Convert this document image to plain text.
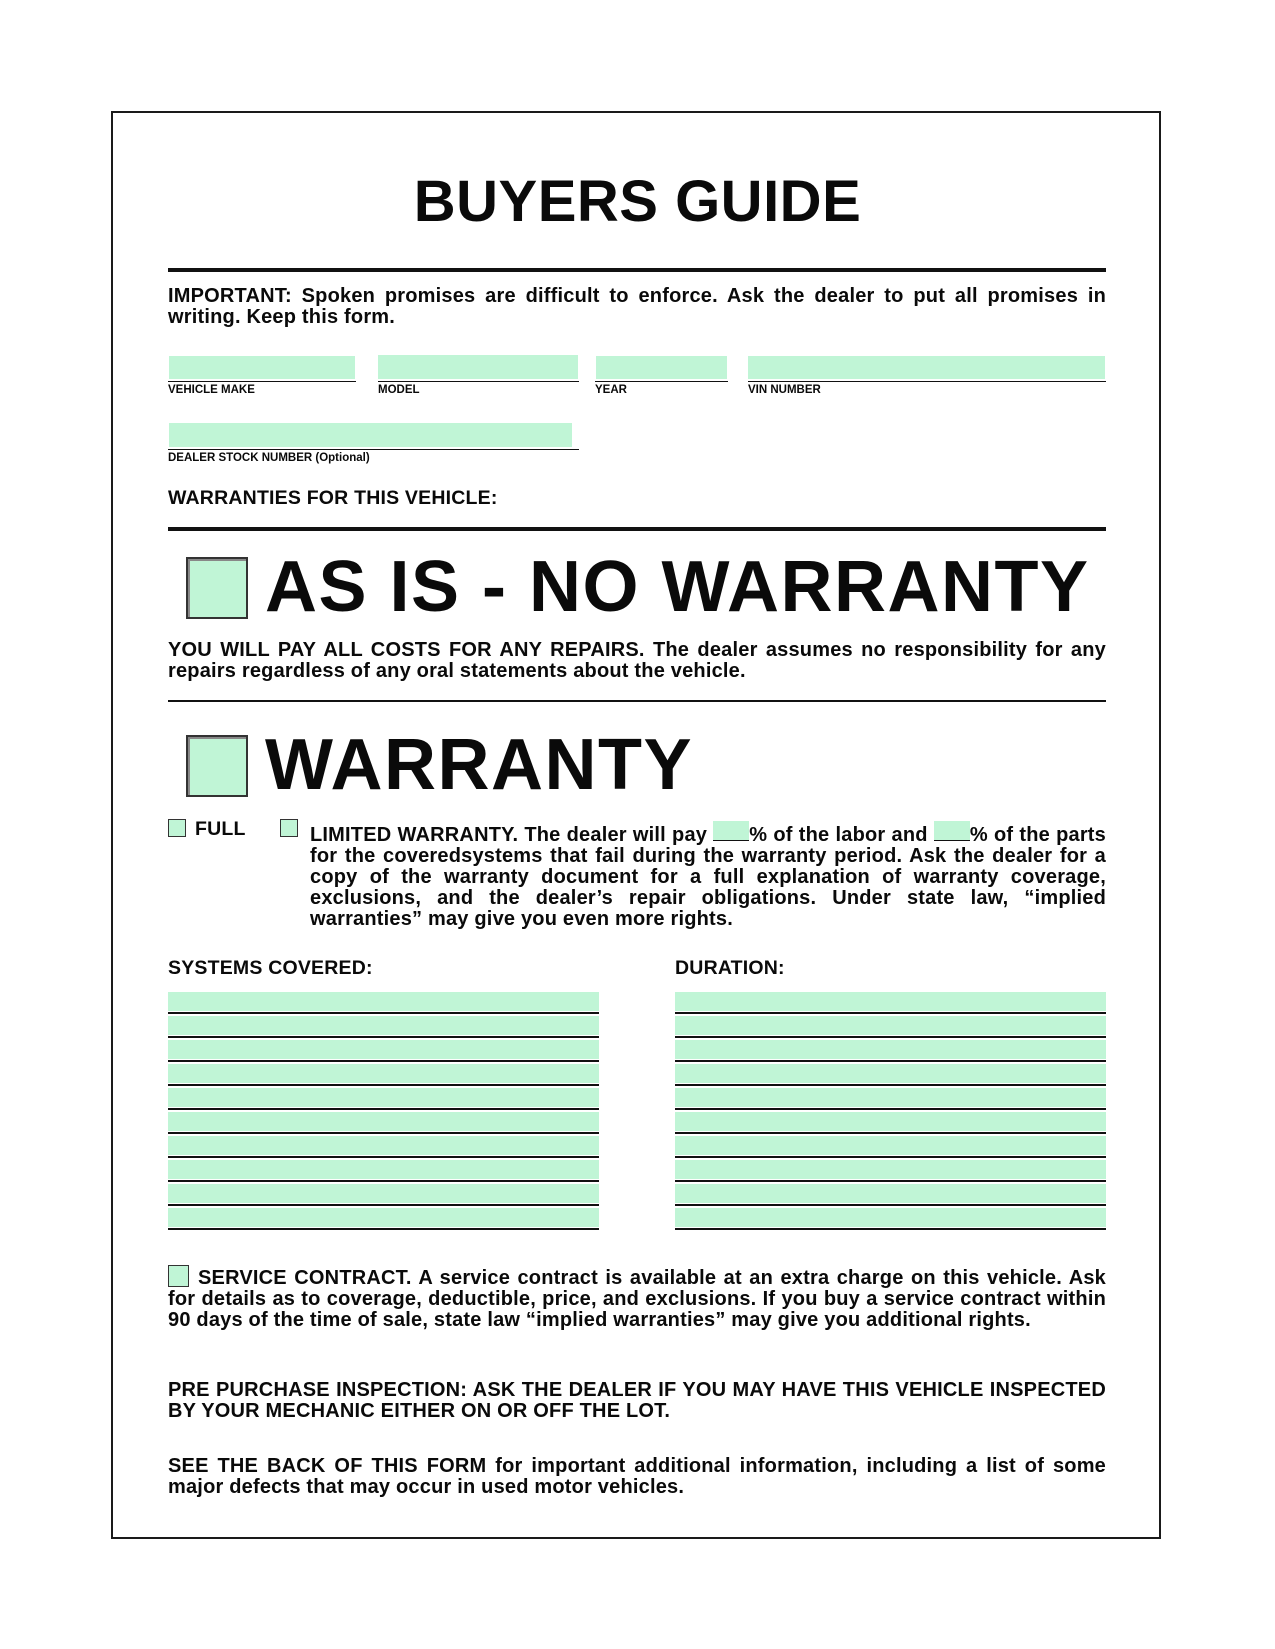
BUYERS GUIDE
IMPORTANT: Spoken promises are difficult to enforce. Ask the dealer to put all promises in writing. Keep this form.
VEHICLE MAKE	MODEL	YEAR	VIN NUMBER
DEALER STOCK NUMBER (Optional)
WARRANTIES FOR THIS VEHICLE:
AS IS - NO WARRANTY
YOU WILL PAY ALL COSTS FOR ANY REPAIRS. The dealer assumes no responsibility for any repairs regardless of any oral statements about the vehicle.
WARRANTY
FULL	LIMITED WARRANTY. The dealer will pay % of the labor and % of the parts for the coveredsystems that fail during the warranty period. Ask the dealer for a copy of the warranty document for a full explanation of warranty coverage, exclusions, and the dealer’s repair obligations. Under state law, “implied warranties” may give you even more rights.
SYSTEMS COVERED:	DURATION:
SERVICE CONTRACT. A service contract is available at an extra charge on this vehicle. Ask for details as to coverage, deductible, price, and exclusions. If you buy a service contract within 90 days of the time of sale, state law “implied warranties” may give you additional rights.
PRE PURCHASE INSPECTION: ASK THE DEALER IF YOU MAY HAVE THIS VEHICLE INSPECTED BY YOUR MECHANIC EITHER ON OR OFF THE LOT.
SEE THE BACK OF THIS FORM for important additional information, including a list of some major defects that may occur in used motor vehicles.
